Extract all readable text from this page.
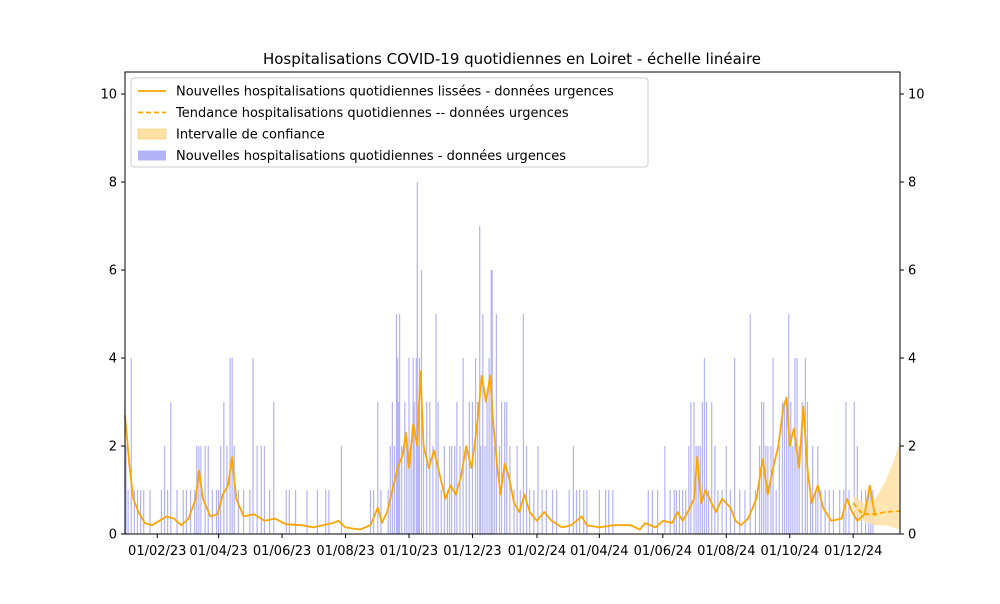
Hospitalisations COVID-19 quotidiennes en Loiret - échelle linéaire
0
2
4
6
8
10
0
2
4
6
8
10
01/02/23 01/04/23 01/06/23 01/08/23 01/10/23 01/12/23 01/02/24 01/04/24 01/06/24 01/08/24 01/10/24 01/12/24
Nouvelles hospitalisations quotidiennes lissées - données urgences
Tendance hospitalisations quotidiennes -- données urgences
Intervalle de confiance
Nouvelles hospitalisations quotidiennes - données urgences
